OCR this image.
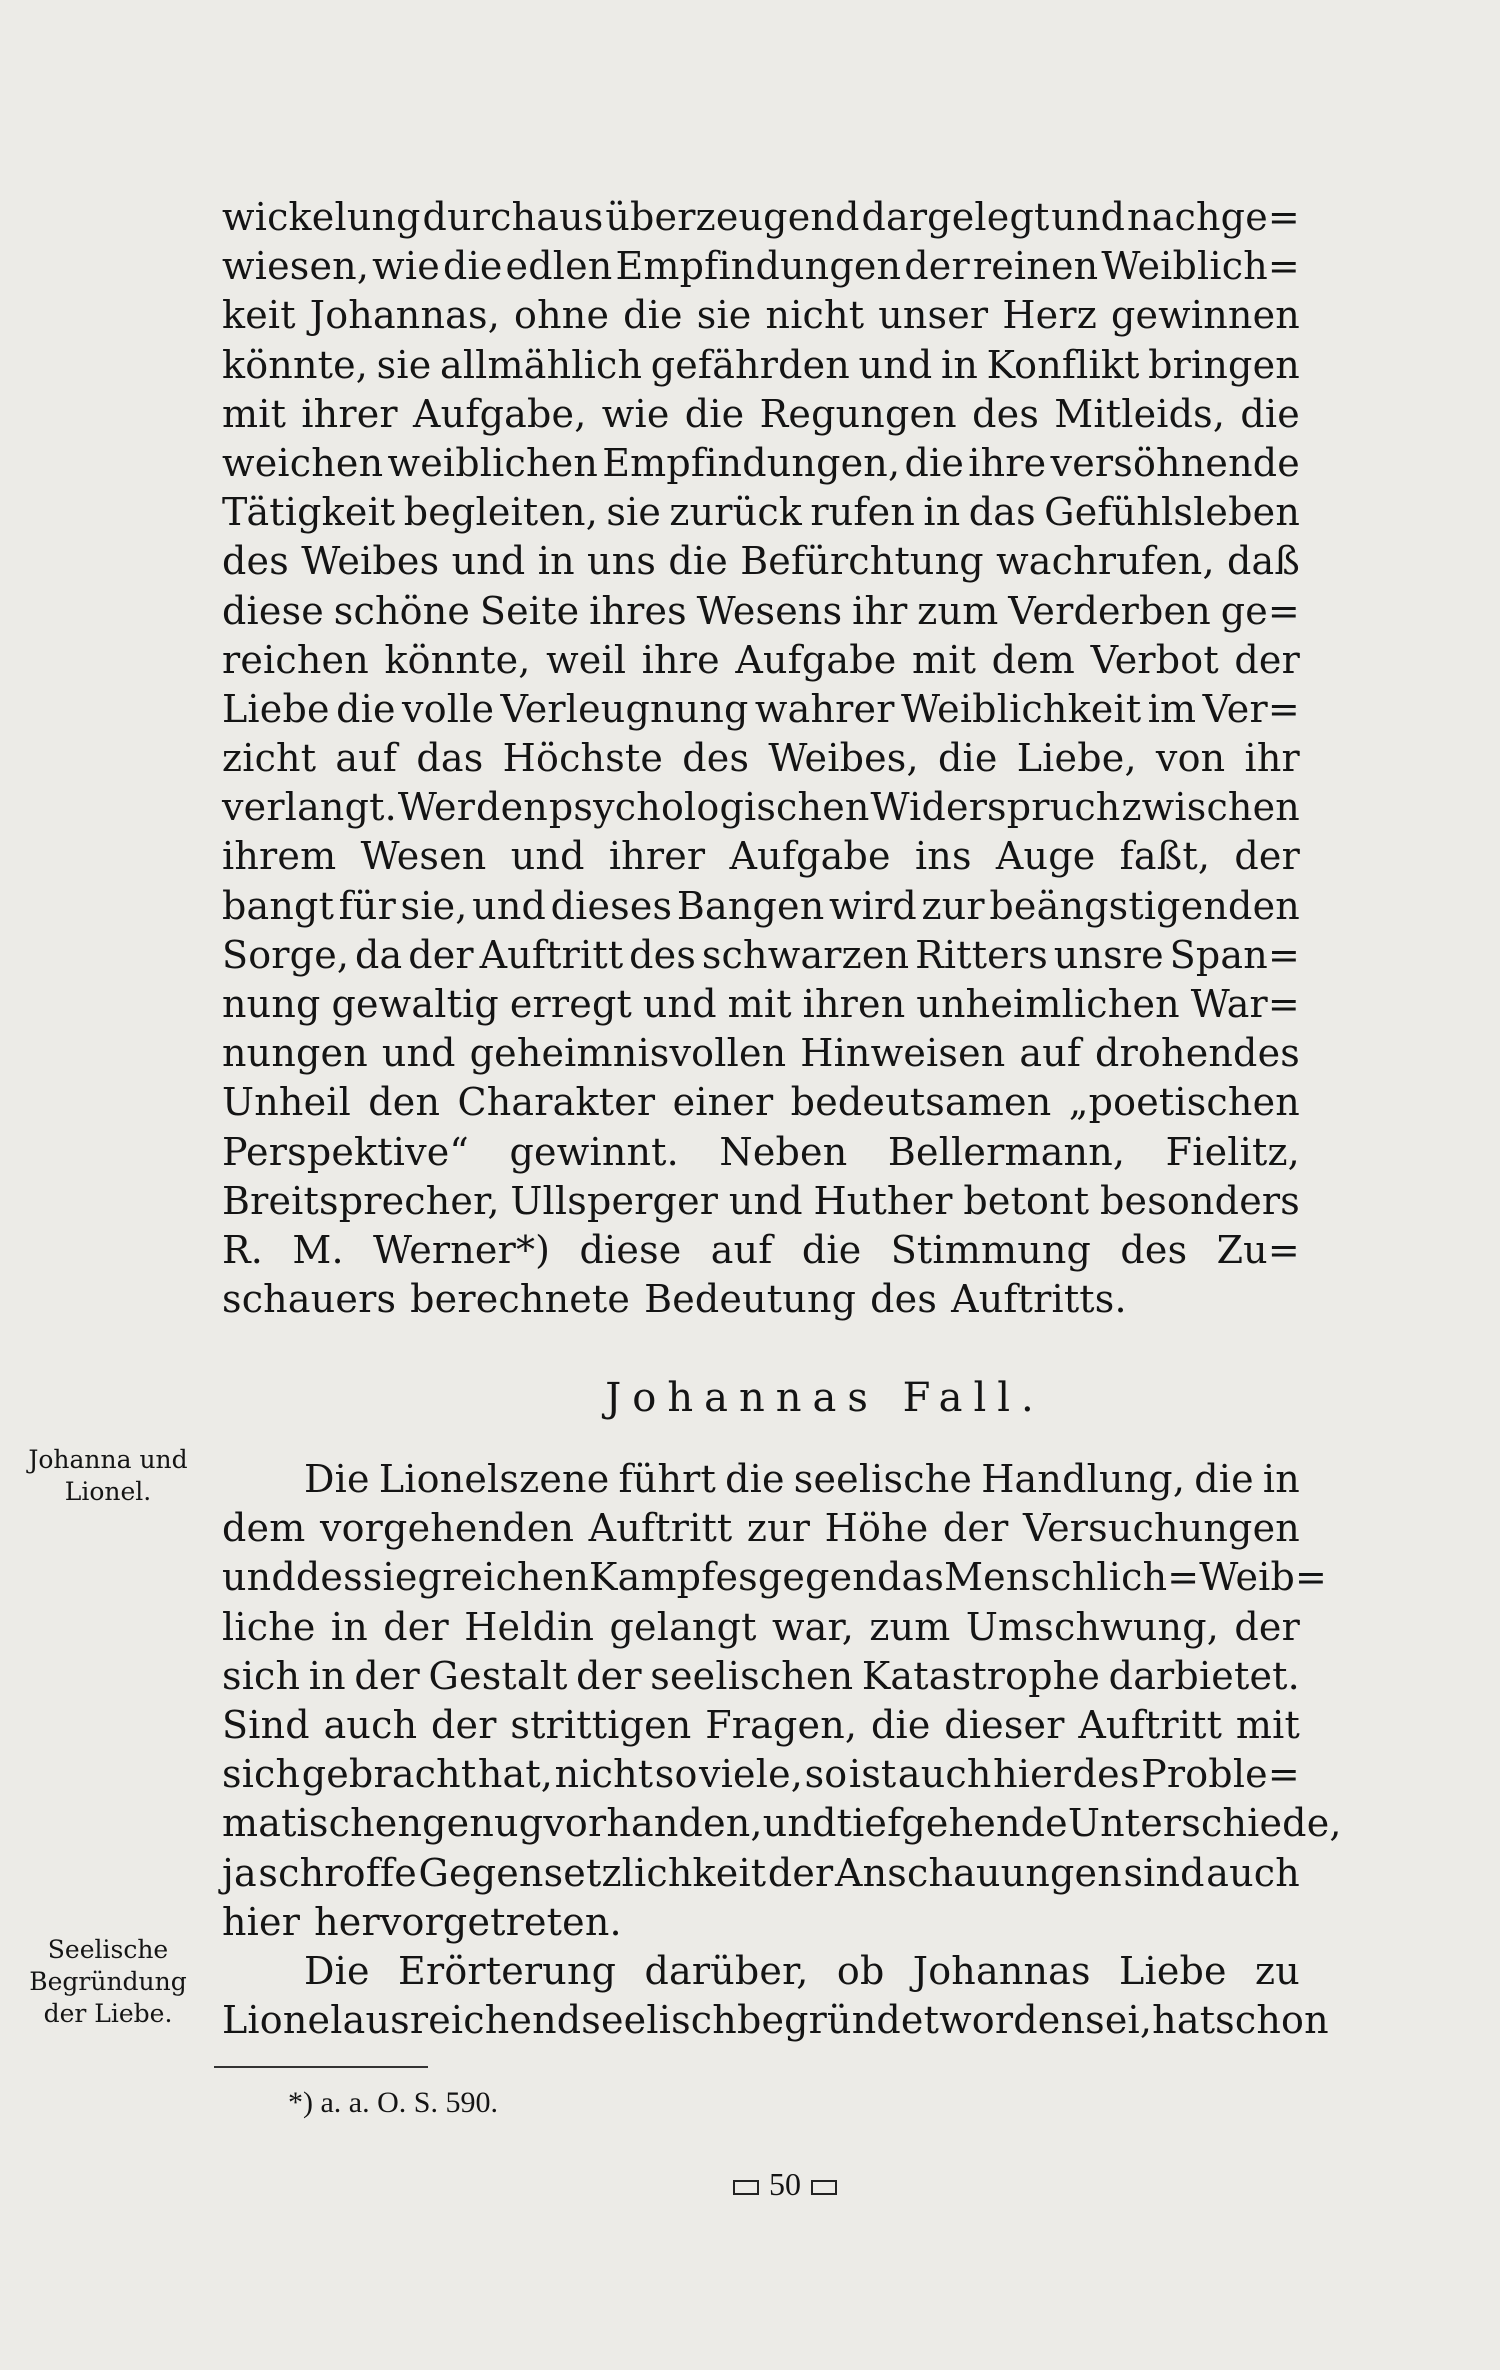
wickelung durchaus überzeugend dargelegt und nachge=
wiesen, wie die edlen Empfindungen der reinen Weiblich=
keit Johannas, ohne die sie nicht unser Herz gewinnen
könnte, sie allmählich gefährden und in Konflikt bringen
mit ihrer Aufgabe, wie die Regungen des Mitleids, die
weichen weiblichen Empfindungen, die ihre versöhnende
Tätigkeit begleiten, sie zurück rufen in das Gefühlsleben
des Weibes und in uns die Befürchtung wachrufen, daß
diese schöne Seite ihres Wesens ihr zum Verderben ge=
reichen könnte, weil ihre Aufgabe mit dem Verbot der
Liebe die volle Verleugnung wahrer Weiblichkeit im Ver=
zicht auf das Höchste des Weibes, die Liebe, von ihr
verlangt. Wer den psychologischen Widerspruch zwischen
ihrem Wesen und ihrer Aufgabe ins Auge faßt, der
bangt für sie, und dieses Bangen wird zur beängstigenden
Sorge, da der Auftritt des schwarzen Ritters unsre Span=
nung gewaltig erregt und mit ihren unheimlichen War=
nungen und geheimnisvollen Hinweisen auf drohendes
Unheil den Charakter einer bedeutsamen „poetischen
Perspektive“ gewinnt. Neben Bellermann, Fielitz,
Breitsprecher, Ullsperger und Huther betont besonders
R. M. Werner*) diese auf die Stimmung des Zu=
schauers berechnete Bedeutung des Auftritts.
Johannas Fall.
Die Lionelszene führt die seelische Handlung, die in
dem vorgehenden Auftritt zur Höhe der Versuchungen
und des siegreichen Kampfes gegen das Menschlich=Weib=
liche in der Heldin gelangt war, zum Umschwung, der
sich in der Gestalt der seelischen Katastrophe darbietet.
Sind auch der strittigen Fragen, die dieser Auftritt mit
sich gebracht hat, nicht so viele, so ist auch hier des Proble=
matischen genug vorhanden, und tiefgehende Unterschiede,
ja schroffe Gegensetzlichkeit der Anschauungen sind auch
hier hervorgetreten.
Die Erörterung darüber, ob Johannas Liebe zu
Lionel ausreichend seelisch begründet worden sei, hat schon
Johanna und
Lionel.
Seelische
Begründung
der Liebe.
*) a. a. O. S. 590.
50
